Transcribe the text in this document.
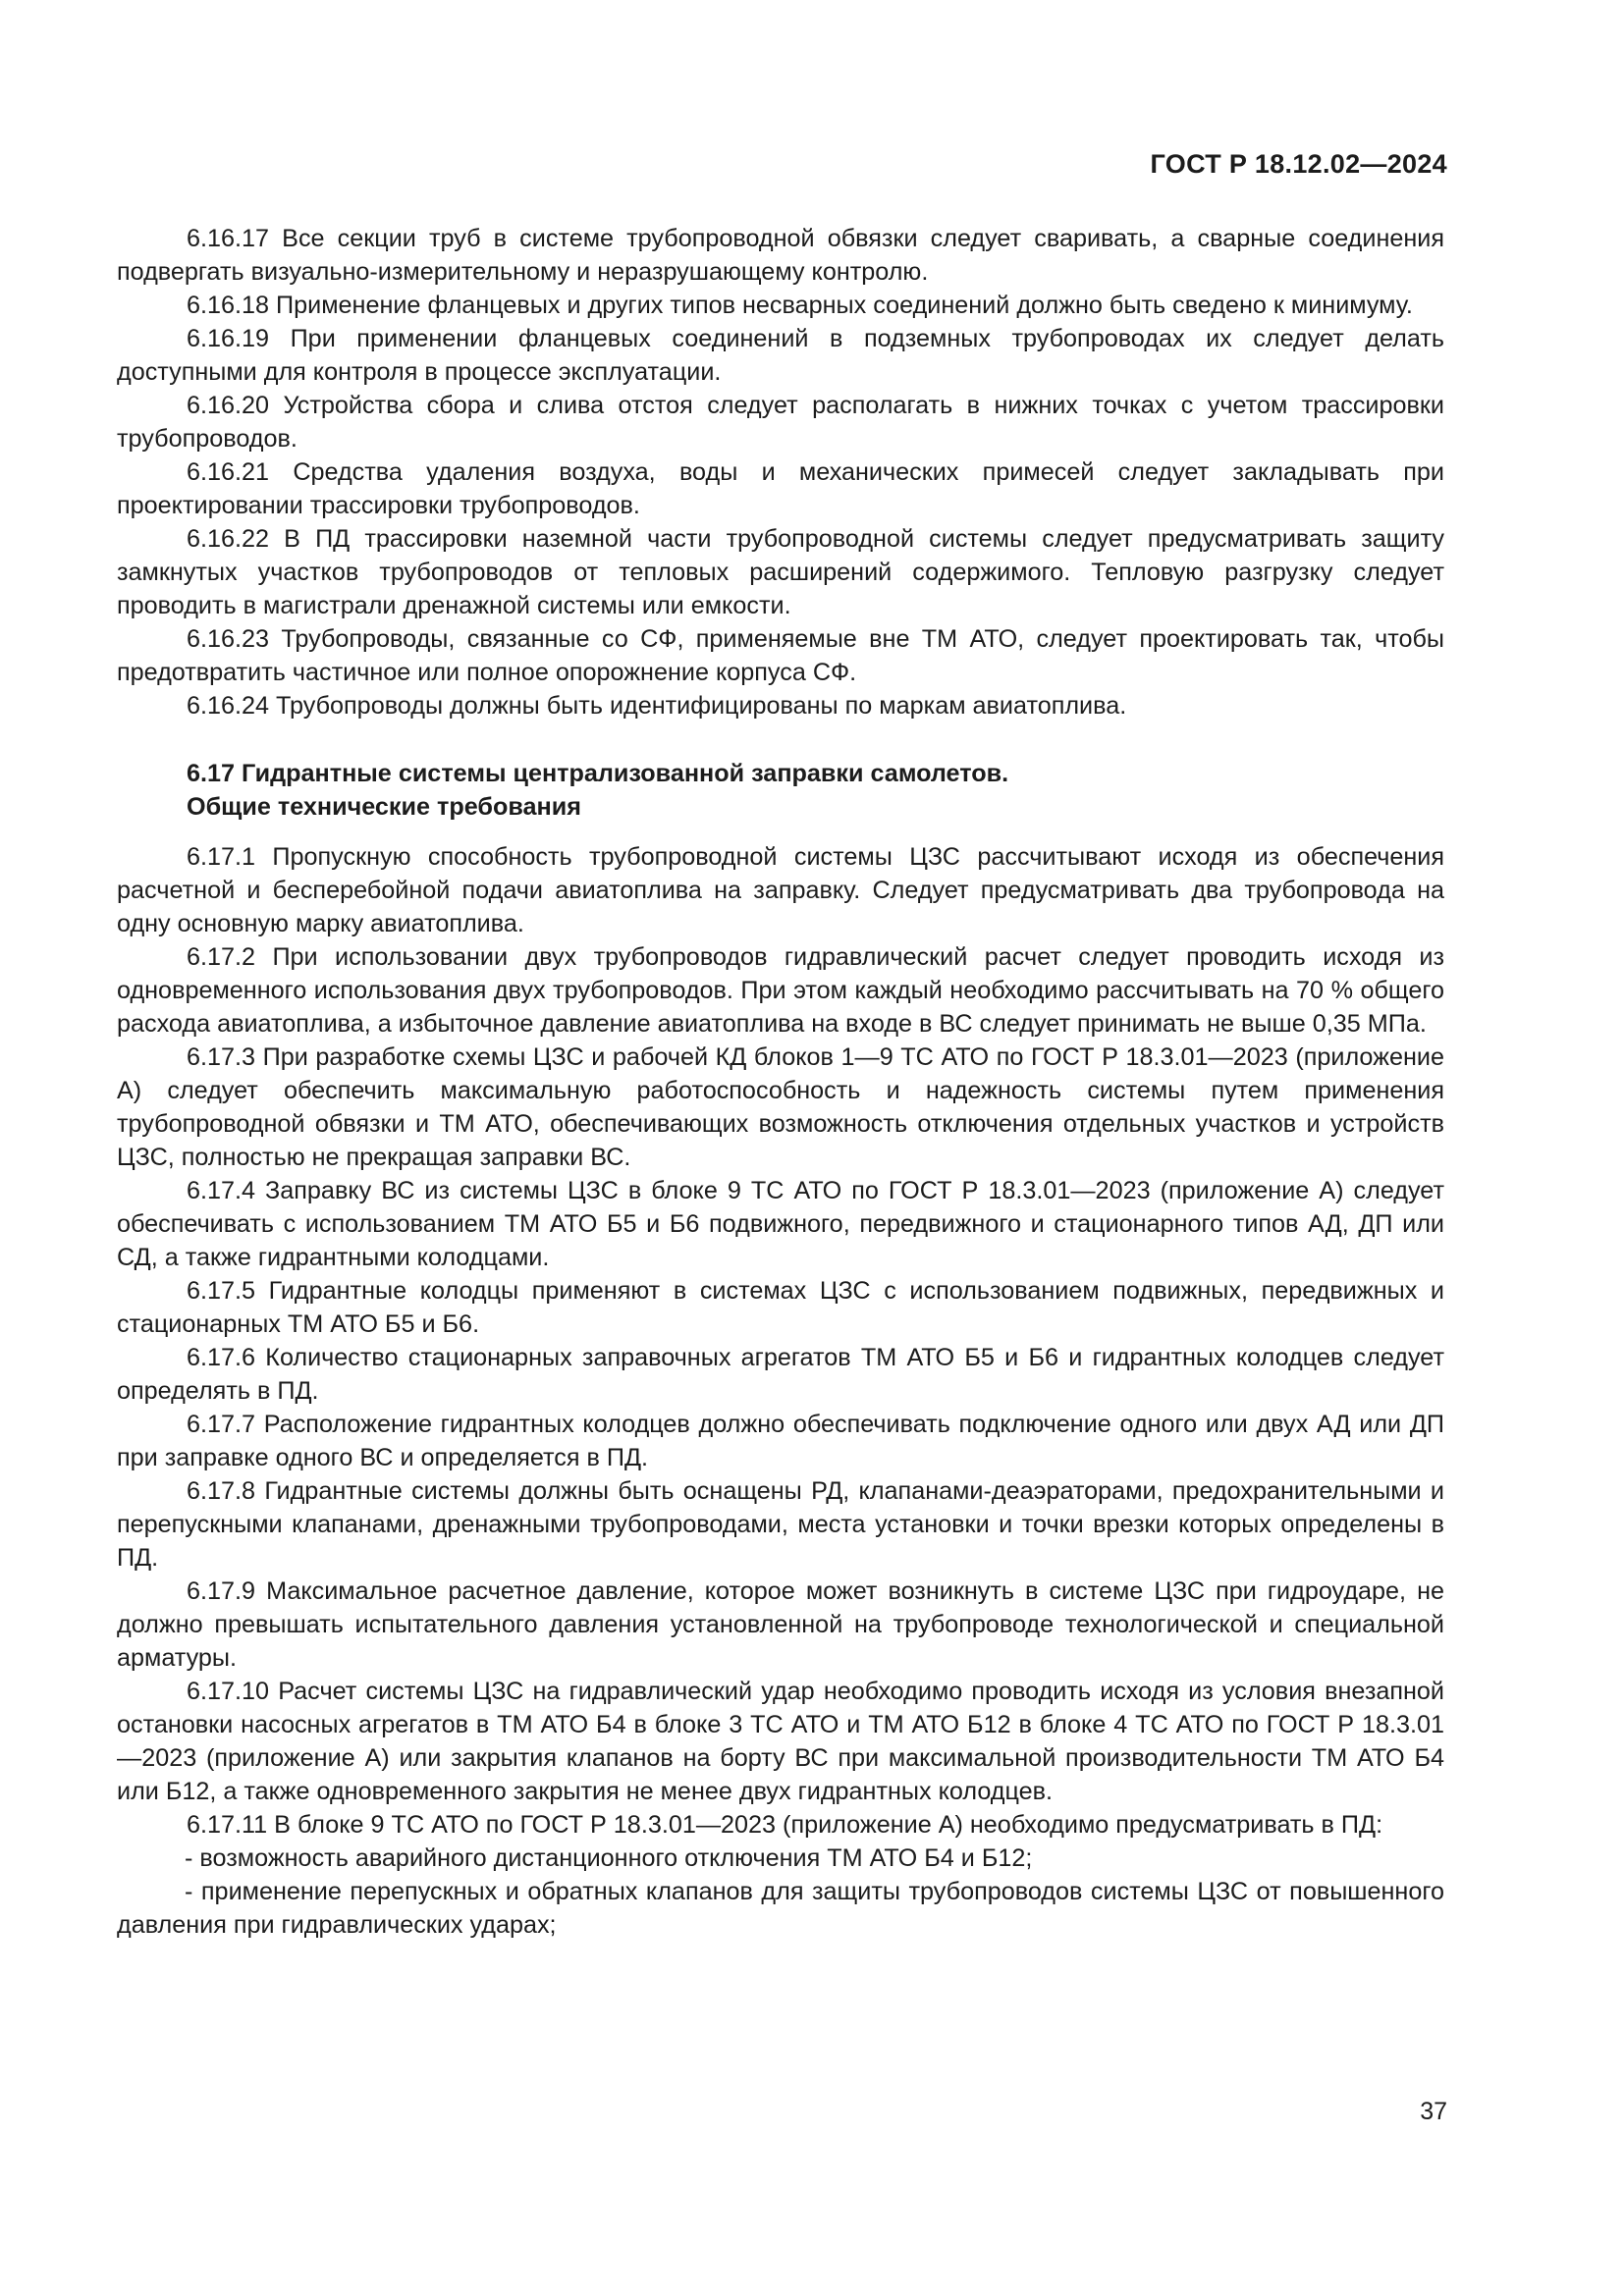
ГОСТ Р 18.12.02—2024

6.16.17 Все секции труб в системе трубопроводной обвязки следует сваривать, а сварные соединения подвергать визуально-измерительному и неразрушающему контролю.

6.16.18 Применение фланцевых и других типов несварных соединений должно быть сведено к минимуму.

6.16.19 При применении фланцевых соединений в подземных трубопроводах их следует делать доступными для контроля в процессе эксплуатации.

6.16.20 Устройства сбора и слива отстоя следует располагать в нижних точках с учетом трассировки трубопроводов.

6.16.21 Средства удаления воздуха, воды и механических примесей следует закладывать при проектировании трассировки трубопроводов.

6.16.22 В ПД трассировки наземной части трубопроводной системы следует предусматривать защиту замкнутых участков трубопроводов от тепловых расширений содержимого. Тепловую разгрузку следует проводить в магистрали дренажной системы или емкости.

6.16.23 Трубопроводы, связанные со СФ, применяемые вне ТМ АТО, следует проектировать так, чтобы предотвратить частичное или полное опорожнение корпуса СФ.

6.16.24 Трубопроводы должны быть идентифицированы по маркам авиатоплива.

6.17 Гидрантные системы централизованной заправки самолетов.
Общие технические требования

6.17.1 Пропускную способность трубопроводной системы ЦЗС рассчитывают исходя из обеспечения расчетной и бесперебойной подачи авиатоплива на заправку. Следует предусматривать два трубопровода на одну основную марку авиатоплива.

6.17.2 При использовании двух трубопроводов гидравлический расчет следует проводить исходя из одновременного использования двух трубопроводов. При этом каждый необходимо рассчитывать на 70 % общего расхода авиатоплива, а избыточное давление авиатоплива на входе в ВС следует принимать не выше 0,35 МПа.

6.17.3 При разработке схемы ЦЗС и рабочей КД блоков 1—9 ТС АТО по ГОСТ Р 18.3.01—2023 (приложение А) следует обеспечить максимальную работоспособность и надежность системы путем применения трубопроводной обвязки и ТМ АТО, обеспечивающих возможность отключения отдельных участков и устройств ЦЗС, полностью не прекращая заправки ВС.

6.17.4 Заправку ВС из системы ЦЗС в блоке 9 ТС АТО по ГОСТ Р 18.3.01—2023 (приложение А) следует обеспечивать с использованием ТМ АТО Б5 и Б6 подвижного, передвижного и стационарного типов АД, ДП или СД, а также гидрантными колодцами.

6.17.5 Гидрантные колодцы применяют в системах ЦЗС с использованием подвижных, передвижных и стационарных ТМ АТО Б5 и Б6.

6.17.6 Количество стационарных заправочных агрегатов ТМ АТО Б5 и Б6 и гидрантных колодцев следует определять в ПД.

6.17.7 Расположение гидрантных колодцев должно обеспечивать подключение одного или двух АД или ДП при заправке одного ВС и определяется в ПД.

6.17.8 Гидрантные системы должны быть оснащены РД, клапанами-деаэраторами, предохранительными и перепускными клапанами, дренажными трубопроводами, места установки и точки врезки которых определены в ПД.

6.17.9 Максимальное расчетное давление, которое может возникнуть в системе ЦЗС при гидроударе, не должно превышать испытательного давления установленной на трубопроводе технологической и специальной арматуры.

6.17.10 Расчет системы ЦЗС на гидравлический удар необходимо проводить исходя из условия внезапной остановки насосных агрегатов в ТМ АТО Б4 в блоке 3 ТС АТО и ТМ АТО Б12 в блоке 4 ТС АТО по ГОСТ Р 18.3.01—2023 (приложение А) или закрытия клапанов на борту ВС при максимальной производительности ТМ АТО Б4 или Б12, а также одновременного закрытия не менее двух гидрантных колодцев.

6.17.11 В блоке 9 ТС АТО по ГОСТ Р 18.3.01—2023 (приложение А) необходимо предусматривать в ПД:

- возможность аварийного дистанционного отключения ТМ АТО Б4 и Б12;

- применение перепускных и обратных клапанов для защиты трубопроводов системы ЦЗС от повышенного давления при гидравлических ударах;

37
